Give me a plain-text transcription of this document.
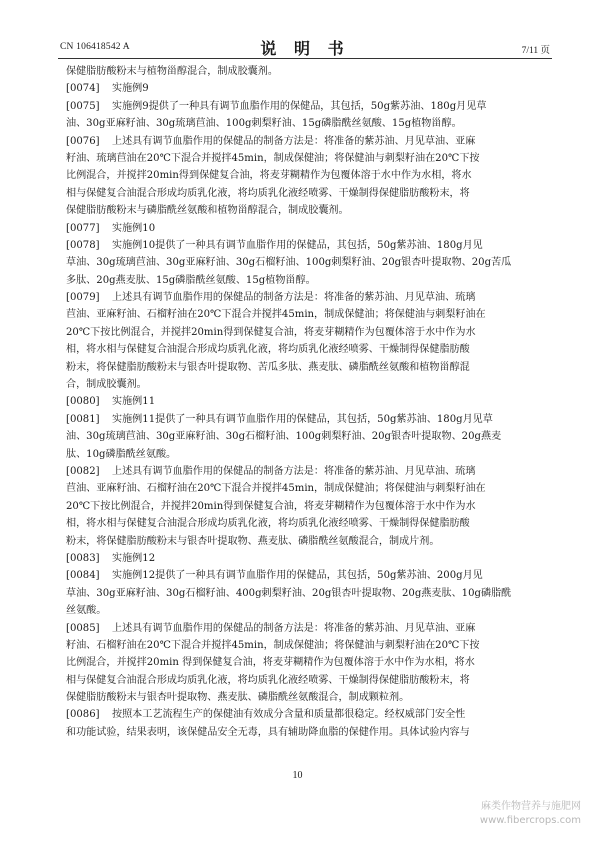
CN 106418542 A	说 明 书	7/11 页
保健脂肪酸粉末与植物甾醇混合，制成胶囊剂。
[0074] 实施例9
[0075] 实施例9提供了一种具有调节血脂作用的保健品，其包括，50g紫苏油、180g月见草
油、30g亚麻籽油、30g琉璃苣油、100g刺梨籽油、15g磷脂酰丝氨酸、15g植物甾醇。
[0076] 上述具有调节血脂作用的保健品的制备方法是：将准备的紫苏油、月见草油、亚麻
籽油、琉璃苣油在20℃下混合并搅拌45min，制成保健油；将保健油与刺梨籽油在20℃下按
比例混合，并搅拌20min得到保健复合油，将麦芽糊精作为包覆体溶于水中作为水相，将水
相与保健复合油混合形成均质乳化液，将均质乳化液经喷雾、干燥制得保健脂肪酸粉末，将
保健脂肪酸粉末与磷脂酰丝氨酸和植物甾醇混合，制成胶囊剂。
[0077] 实施例10
[0078] 实施例10提供了一种具有调节血脂作用的保健品，其包括，50g紫苏油、180g月见
草油、30g琉璃苣油、30g亚麻籽油、30g石榴籽油、100g刺梨籽油、20g银杏叶提取物、20g苦瓜
多肽、20g燕麦肽、15g磷脂酰丝氨酸、15g植物甾醇。
[0079] 上述具有调节血脂作用的保健品的制备方法是：将准备的紫苏油、月见草油、琉璃
苣油、亚麻籽油、石榴籽油在20℃下混合并搅拌45min，制成保健油；将保健油与刺梨籽油在
20℃下按比例混合，并搅拌20min得到保健复合油，将麦芽糊精作为包覆体溶于水中作为水
相，将水相与保健复合油混合形成均质乳化液，将均质乳化液经喷雾、干燥制得保健脂肪酸
粉末，将保健脂肪酸粉末与银杏叶提取物、苦瓜多肽、燕麦肽、磷脂酰丝氨酸和植物甾醇混
合，制成胶囊剂。
[0080] 实施例11
[0081] 实施例11提供了一种具有调节血脂作用的保健品，其包括，50g紫苏油、180g月见草
油、30g琉璃苣油、30g亚麻籽油、30g石榴籽油、100g刺梨籽油、20g银杏叶提取物、20g燕麦
肽、10g磷脂酰丝氨酸。
[0082] 上述具有调节血脂作用的保健品的制备方法是：将准备的紫苏油、月见草油、琉璃
苣油、亚麻籽油、石榴籽油在20℃下混合并搅拌45min，制成保健油；将保健油与刺梨籽油在
20℃下按比例混合，并搅拌20min得到保健复合油，将麦芽糊精作为包覆体溶于水中作为水
相，将水相与保健复合油混合形成均质乳化液，将均质乳化液经喷雾、干燥制得保健脂肪酸
粉末，将保健脂肪酸粉末与银杏叶提取物、燕麦肽、磷脂酰丝氨酸混合，制成片剂。
[0083] 实施例12
[0084] 实施例12提供了一种具有调节血脂作用的保健品，其包括，50g紫苏油、200g月见
草油、30g亚麻籽油、30g石榴籽油、400g刺梨籽油、20g银杏叶提取物、20g燕麦肽、10g磷脂酰
丝氨酸。
[0085] 上述具有调节血脂作用的保健品的制备方法是：将准备的紫苏油、月见草油、亚麻
籽油、石榴籽油在20℃下混合并搅拌45min，制成保健油；将保健油与刺梨籽油在20℃下按
比例混合，并搅拌20min 得到保健复合油，将麦芽糊精作为包覆体溶于水中作为水相，将水
相与保健复合油混合形成均质乳化液，将均质乳化液经喷雾、干燥制得保健脂肪酸粉末，将
保健脂肪酸粉末与银杏叶提取物、燕麦肽、磷脂酰丝氨酸混合，制成颗粒剂。
[0086] 按照本工艺流程生产的保健油有效成分含量和质量都很稳定。经权威部门安全性
和功能试验，结果表明，该保健品安全无毒，具有辅助降血脂的保健作用。具体试验内容与
10
麻类作物营养与施肥网
www.fibercrops.com
